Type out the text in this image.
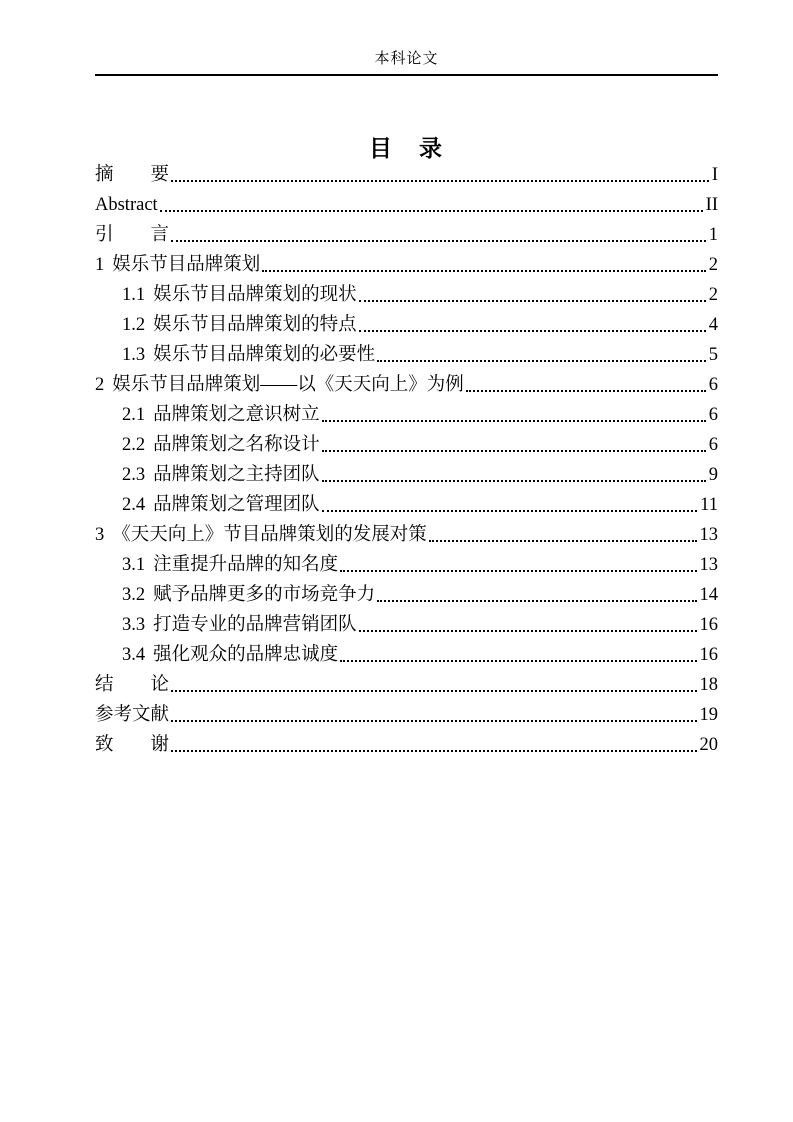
本科论文
目　录
摘　　要	I
Abstract	II
引　　言	1
1 娱乐节目品牌策划	2
1.1 娱乐节目品牌策划的现状	2
1.2 娱乐节目品牌策划的特点	4
1.3 娱乐节目品牌策划的必要性	5
2 娱乐节目品牌策划——以《天天向上》为例	6
2.1 品牌策划之意识树立	6
2.2 品牌策划之名称设计	6
2.3 品牌策划之主持团队	9
2.4 品牌策划之管理团队	11
3 《天天向上》节目品牌策划的发展对策	13
3.1 注重提升品牌的知名度	13
3.2 赋予品牌更多的市场竞争力	14
3.3 打造专业的品牌营销团队	16
3.4 强化观众的品牌忠诚度	16
结　　论	18
参考文献	19
致　　谢	20
